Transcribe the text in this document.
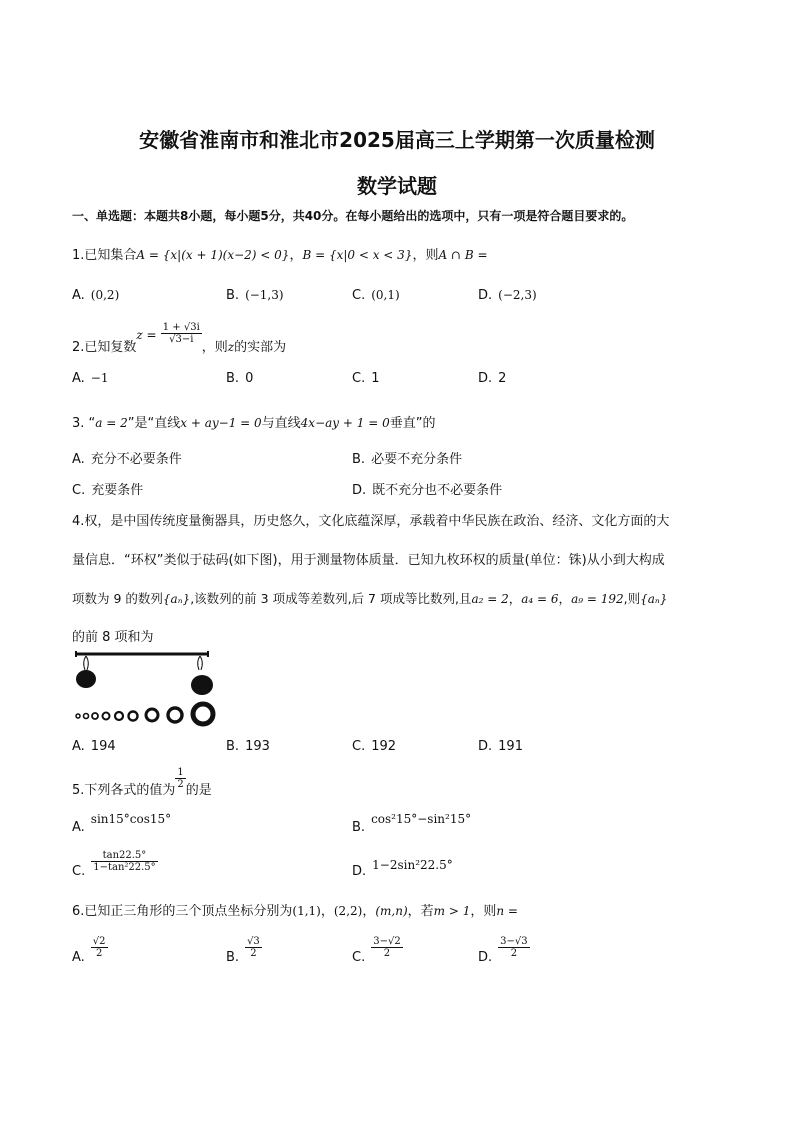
安徽省淮南市和淮北市2025届高三上学期第一次质量检测
数学试题
一、单选题：本题共8小题，每小题5分，共40分。在每小题给出的选项中，只有一项是符合题目要求的。
1.已知集合A = {x|(x + 1)(x−2) < 0}，B = {x|0 < x < 3}，则A ∩ B =
A. (0,2)	B. (−1,3)	C. (0,1)	D. (−2,3)
2.已知复数$z = \frac{1 + √3i}{√3-i}$
，则z的实部为
A. −1	B. 0	C. 1	D. 2
3. “a = 2”是“直线x + ay−1 = 0与直线4x−ay + 1 = 0垂直”的
A. 充分不必要条件	B. 必要不充分条件
C. 充要条件	D. 既不充分也不必要条件
4.权，是中国传统度量衡器具，历史悠久，文化底蕴深厚，承载着中华民族在政治、经济、文化方面的大
量信息．“环权”类似于砝码(如下图)，用于测量物体质量．已知九枚环权的质量(单位：铢)从小到大构成
项数为 9 的数列{aₙ},该数列的前 3 项成等差数列,后 7 项成等比数列,且a₂ = 2，a₄ = 6，a₉ = 192,则{aₙ}
的前 8 项和为
A. 194	B. 193	C. 192	D. 191
5.下列各式的值为
$\frac{1}{2}$
的是
A.sin15°cos15°
B.cos²15°−sin²15°
C. $\frac{\tan 22.5^\circ}{\text{1−tan²22.5°}}$	D. 1−2sin²22.5°
6.已知正三角形的三个顶点坐标分别为(1,1)，(2,2)，(m,n)，若m > 1，则n =
A. $\frac{√2}{2}$	B. $\frac{√3}{2}$	C. $\frac{3-√2}{2}$	D. $\frac{3-√3}{2}$
